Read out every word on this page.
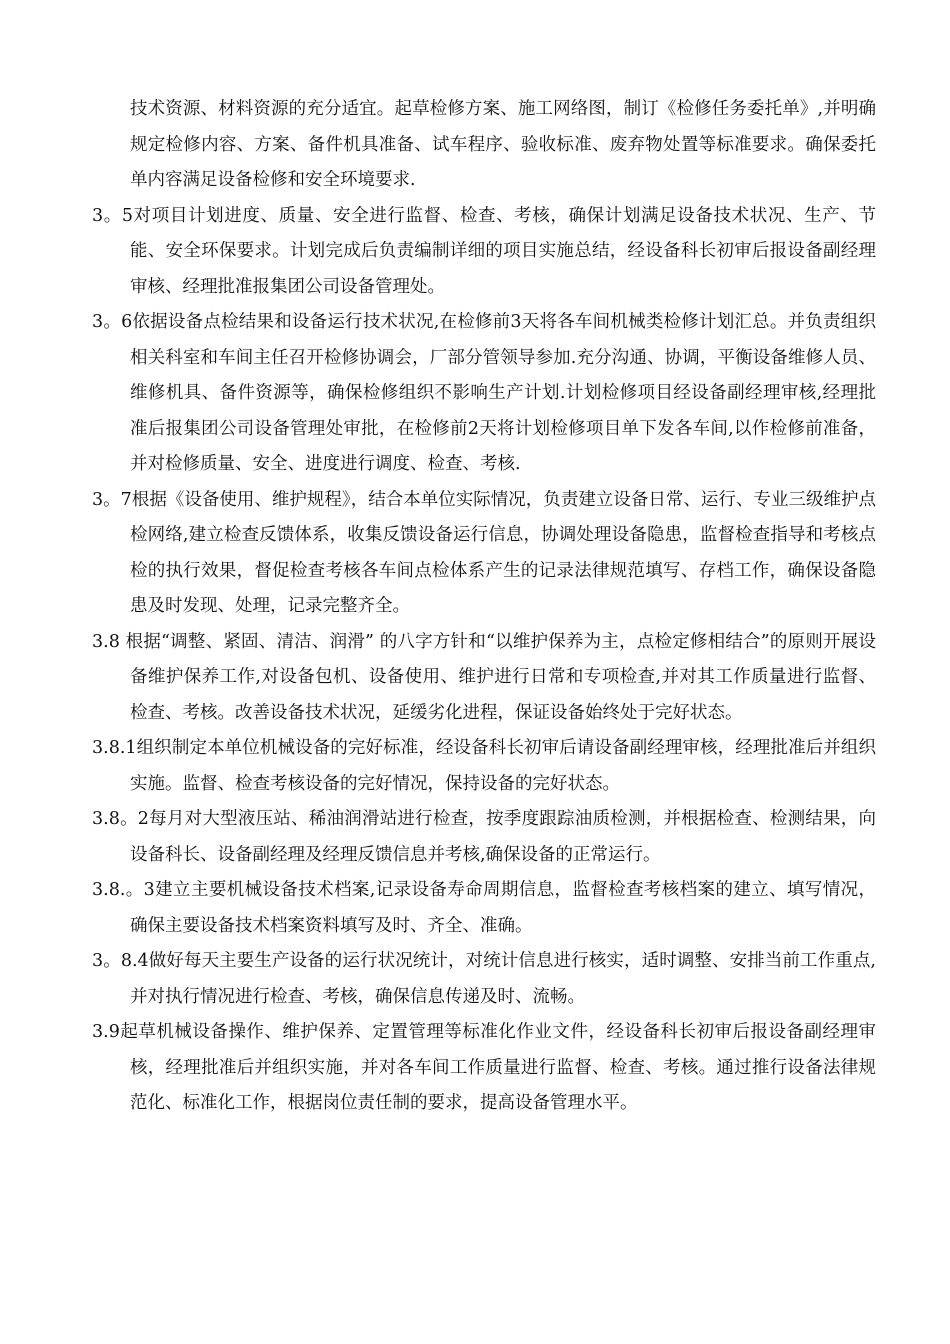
技术资源、材料资源的充分适宜。起草检修方案、施工网络图，制订《检修任务委托单》,并明确规定检修内容、方案、备件机具准备、试车程序、验收标准、废弃物处置等标准要求。确保委托单内容满足设备检修和安全环境要求.

3。5对项目计划进度、质量、安全进行监督、检查、考核，确保计划满足设备技术状况、生产、节能、安全环保要求。计划完成后负责编制详细的项目实施总结，经设备科长初审后报设备副经理审核、经理批准报集团公司设备管理处。

3。6依据设备点检结果和设备运行技术状况,在检修前3天将各车间机械类检修计划汇总。并负责组织相关科室和车间主任召开检修协调会，厂部分管领导参加.充分沟通、协调，平衡设备维修人员、维修机具、备件资源等，确保检修组织不影响生产计划.计划检修项目经设备副经理审核,经理批准后报集团公司设备管理处审批，在检修前2天将计划检修项目单下发各车间,以作检修前准备，并对检修质量、安全、进度进行调度、检查、考核.

3。7根据《设备使用、维护规程》，结合本单位实际情况，负责建立设备日常、运行、专业三级维护点检网络,建立检查反馈体系，收集反馈设备运行信息，协调处理设备隐患，监督检查指导和考核点检的执行效果，督促检查考核各车间点检体系产生的记录法律规范填写、存档工作，确保设备隐患及时发现、处理，记录完整齐全。

3.8 根据“调整、紧固、清洁、润滑” 的八字方针和“以维护保养为主，点检定修相结合”的原则开展设备维护保养工作,对设备包机、设备使用、维护进行日常和专项检查,并对其工作质量进行监督、检查、考核。改善设备技术状况，延缓劣化进程，保证设备始终处于完好状态。

3.8.1组织制定本单位机械设备的完好标准，经设备科长初审后请设备副经理审核，经理批准后并组织实施。监督、检查考核设备的完好情况，保持设备的完好状态。

3.8。2每月对大型液压站、稀油润滑站进行检查，按季度跟踪油质检测，并根据检查、检测结果，向设备科长、设备副经理及经理反馈信息并考核,确保设备的正常运行。

3.8.。3建立主要机械设备技术档案,记录设备寿命周期信息，监督检查考核档案的建立、填写情况，确保主要设备技术档案资料填写及时、齐全、准确。

3。8.4做好每天主要生产设备的运行状况统计，对统计信息进行核实，适时调整、安排当前工作重点,并对执行情况进行检查、考核，确保信息传递及时、流畅。

3.9起草机械设备操作、维护保养、定置管理等标准化作业文件，经设备科长初审后报设备副经理审核，经理批准后并组织实施，并对各车间工作质量进行监督、检查、考核。通过推行设备法律规范化、标准化工作，根据岗位责任制的要求，提高设备管理水平。
